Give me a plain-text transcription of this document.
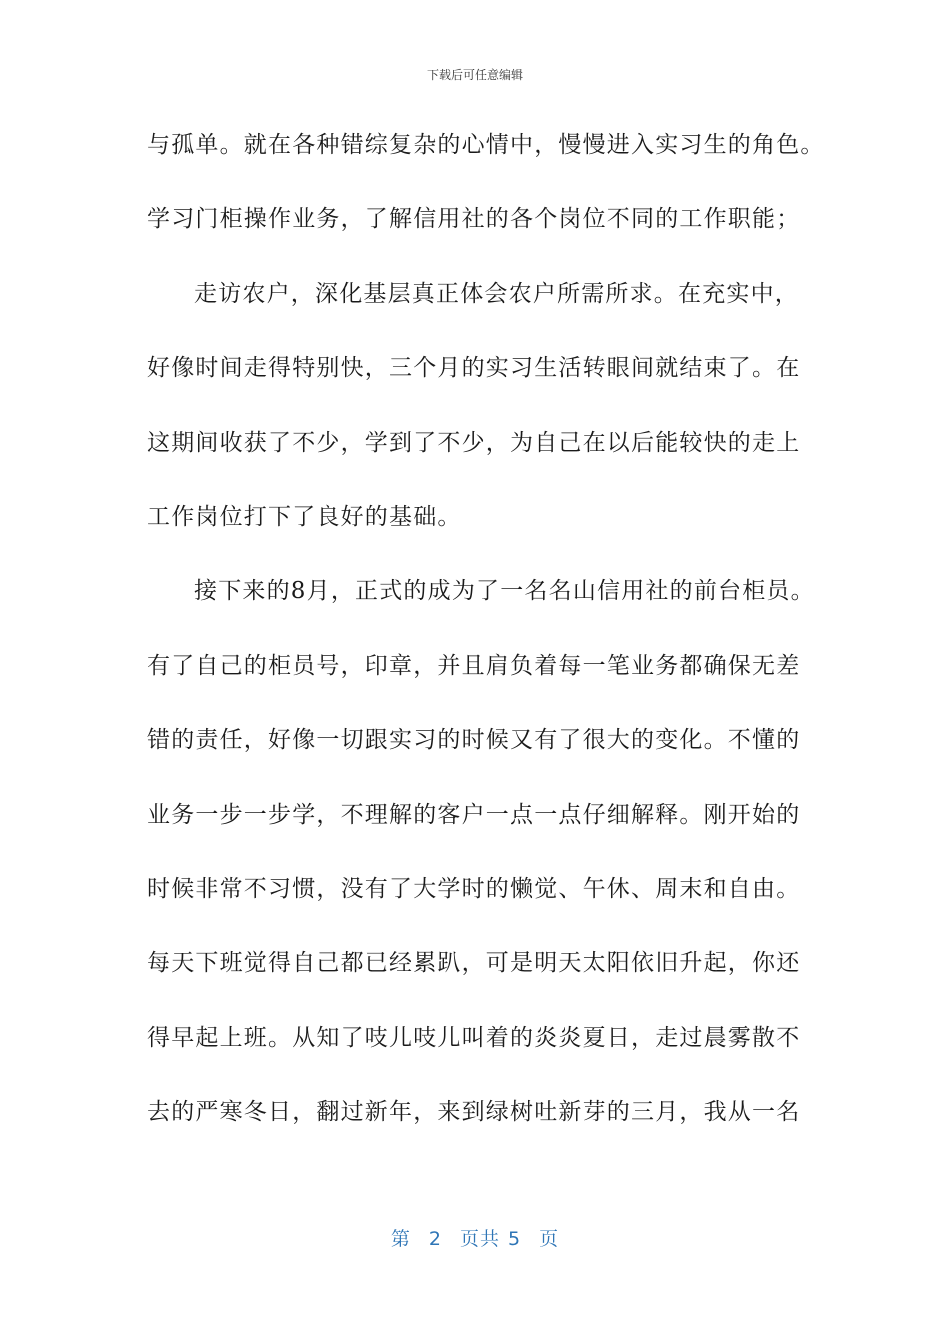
下载后可任意编辑
与孤单。就在各种错综复杂的心情中，慢慢进入实习生的角色。
学习门柜操作业务，了解信用社的各个岗位不同的工作职能；
走访农户，深化基层真正体会农户所需所求。在充实中，
好像时间走得特别快，三个月的实习生活转眼间就结束了。在
这期间收获了不少，学到了不少，为自己在以后能较快的走上
工作岗位打下了良好的基础。
接下来的8月，正式的成为了一名名山信用社的前台柜员。
有了自己的柜员号，印章，并且肩负着每一笔业务都确保无差
错的责任，好像一切跟实习的时候又有了很大的变化。不懂的
业务一步一步学，不理解的客户一点一点仔细解释。刚开始的
时候非常不习惯，没有了大学时的懒觉、午休、周末和自由。
每天下班觉得自己都已经累趴，可是明天太阳依旧升起，你还
得早起上班。从知了吱儿吱儿叫着的炎炎夏日，走过晨雾散不
去的严寒冬日，翻过新年，来到绿树吐新芽的三月，我从一名
第 2 页共 5 页
